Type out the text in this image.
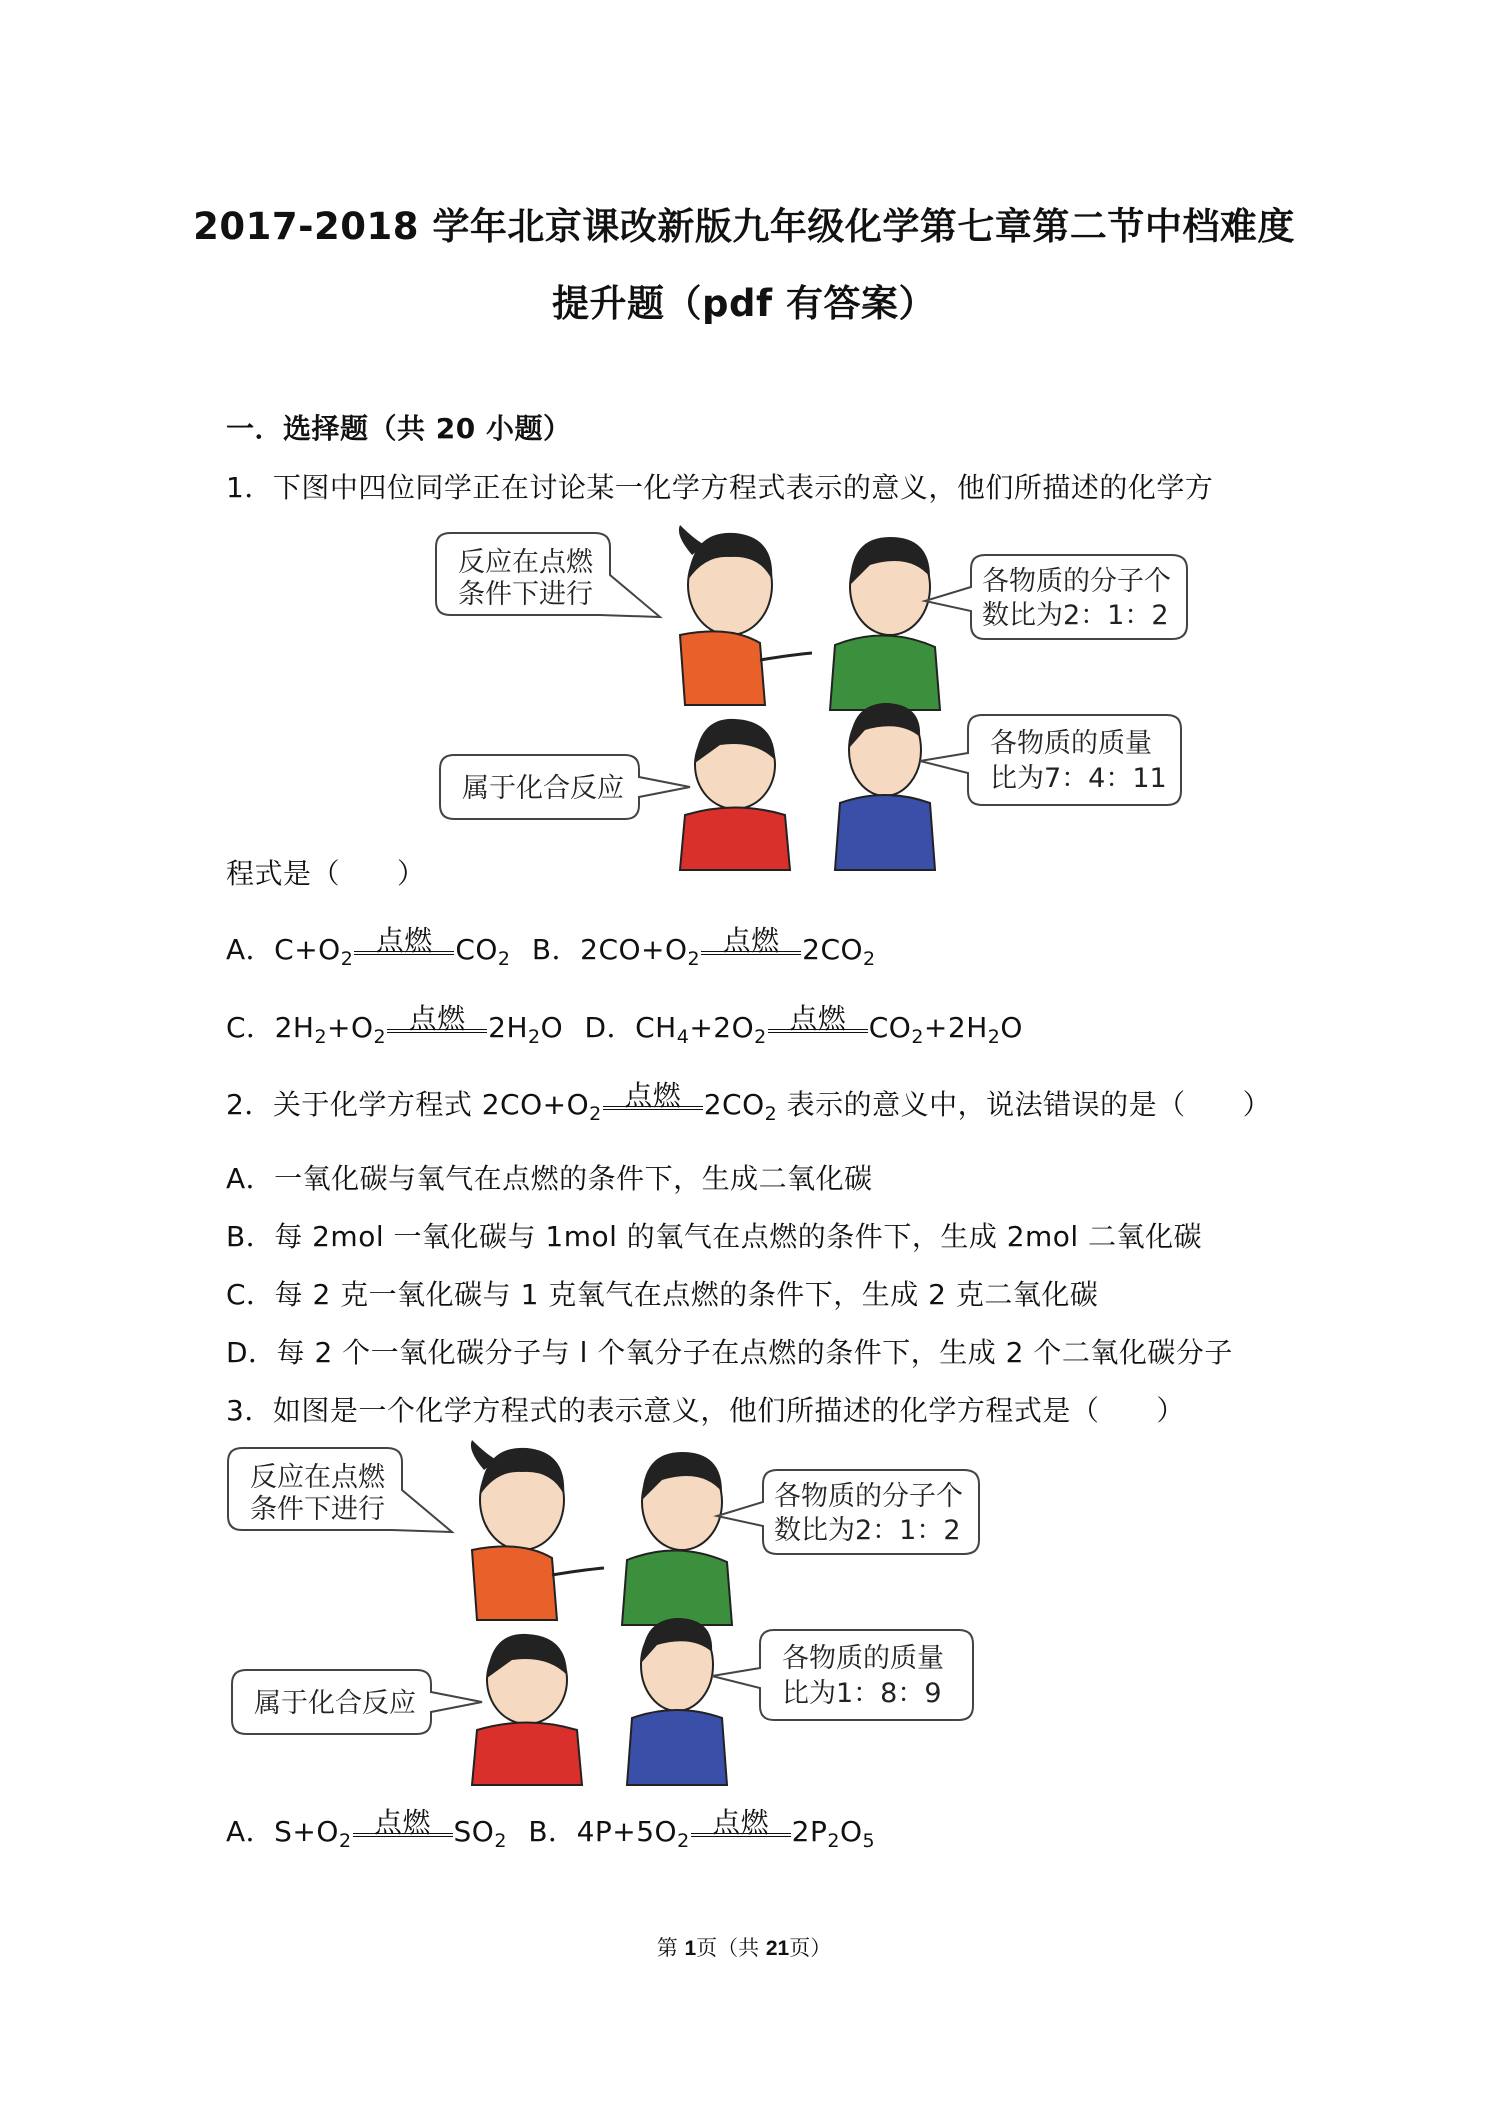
2017-2018 学年北京课改新版九年级化学第七章第二节中档难度
提升题（pdf 有答案）
一．选择题（共 20 小题）
1．下图中四位同学正在讨论某一化学方程式表示的意义，他们所描述的化学方
反应在点燃
条件下进行	各物质的分子个
数比为2：1：2
属于化合反应
各物质的质量
比为7：4：11
程式是（　　）
A．$C+O_2$
点燃 $CO_2$ B．$2CO+O_2$
点燃 $2CO_2$
C．$2H_2+O_2$
点燃 $2H_2O$ D．$CH_4+2O_2$
点燃 $CO_2+2H_2O$
2．关于化学方程式 $2CO+O_2$
点燃 $2CO_2$ 表示的意义中，说法错误的是（　　）
A．一氧化碳与氧气在点燃的条件下，生成二氧化碳
B．每 2mol 一氧化碳与 1mol 的氧气在点燃的条件下，生成 2mol 二氧化碳
C．每 2 克一氧化碳与 1 克氧气在点燃的条件下，生成 2 克二氧化碳
D．每 2 个一氧化碳分子与 l 个氧分子在点燃的条件下，生成 2 个二氧化碳分子
3．如图是一个化学方程式的表示意义，他们所描述的化学方程式是（　　）
反应在点燃
条件下进行	各物质的分子个
数比为2：1：2
属于化合反应
各物质的质量
比为1：8：9
A．$S+O_2$
点燃 $SO_2$ B．$4P+5O_2$
点燃 $2P_2O_5$
第 1页（共 21页）
